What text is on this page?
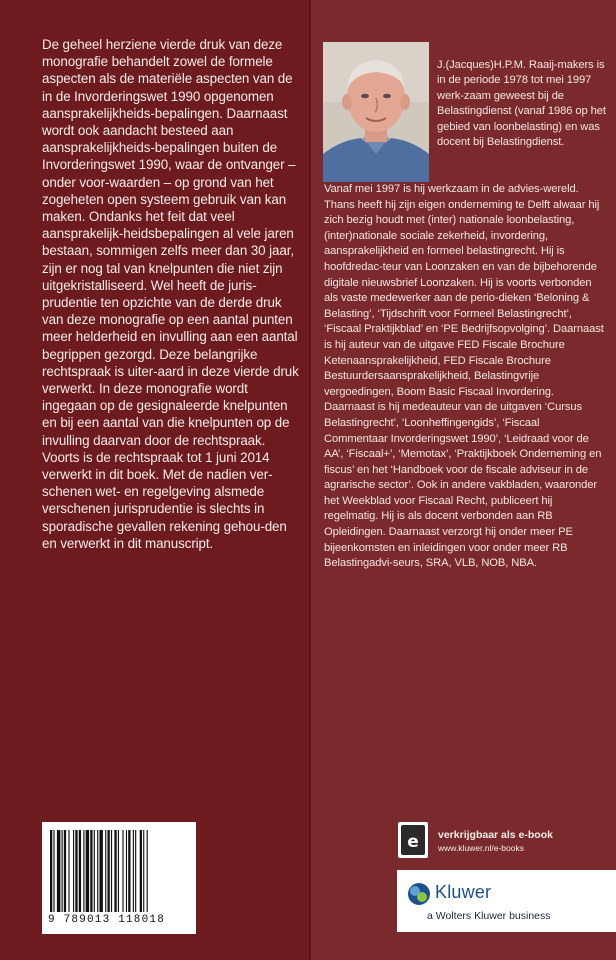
De geheel herziene vierde druk van deze monografie behandelt zowel de formele aspecten als de materiële aspecten van de in de Invorderingswet 1990 opgenomen aansprakelijkheids-bepalingen. Daarnaast wordt ook aandacht besteed aan aansprakelijkheids-bepalingen buiten de Invorderingswet 1990, waar de ontvanger – onder voor-waarden – op grond van het zogeheten open systeem gebruik van kan maken. Ondanks het feit dat veel aansprakelijk-heidsbepalingen al vele jaren bestaan, sommigen zelfs meer dan 30 jaar, zijn er nog tal van knelpunten die niet zijn uitgekristalliseerd. Wel heeft de juris-prudentie ten opzichte van de derde druk van deze monografie op een aantal punten meer helderheid en invulling aan een aantal begrippen gezorgd. Deze belangrijke rechtspraak is uiter-aard in deze vierde druk verwerkt. In deze monografie wordt ingegaan op de gesignaleerde knelpunten en bij een aantal van die knelpunten op de invulling daarvan door de rechtspraak. Voorts is de rechtspraak tot 1 juni 2014 verwerkt in dit boek. Met de nadien ver-schenen wet- en regelgeving alsmede verschenen jurisprudentie is slechts in sporadische gevallen rekening gehou-den en verwerkt in dit manuscript.

J.(Jacques)H.P.M. Raaij-makers is in de periode 1978 tot mei 1997 werk-zaam geweest bij de Belastingdienst (vanaf 1986 op het gebied van loonbelasting) en was docent bij Belastingdienst.

Vanaf mei 1997 is hij werkzaam in de advies-wereld. Thans heeft hij zijn eigen onderneming te Delft alwaar hij zich bezig houdt met (inter) nationale loonbelasting, (inter)nationale sociale zekerheid, invordering, aansprakelijkheid en formeel belastingrecht. Hij is hoofdredac-teur van Loonzaken en van de bijbehorende digitale nieuwsbrief Loonzaken. Hij is voorts verbonden als vaste medewerker aan de perio-dieken ‘Beloning & Belasting’, ‘Tijdschrift voor Formeel Belastingrecht’, ‘Fiscaal Praktijkblad’ en ‘PE Bedrijfsopvolging’. Daarnaast is hij auteur van de uitgave FED Fiscale Brochure Ketenaansprakelijkheid, FED Fiscale Brochure Bestuurdersaansprakelijkheid, Belastingvrije vergoedingen, Boom Basic Fiscaal Invordering. Daarnaast is hij medeauteur van de uitgaven ‘Cursus Belastingrecht’, ‘Loonheffingengids’, ‘Fiscaal Commentaar Invorderingswet 1990’, ‘Leidraad voor de AA’, ‘Fiscaal+’, ‘Memotax’, ‘Praktijkboek Onderneming en fiscus’ en het ‘Handboek voor de fiscale adviseur in de agrarische sector’. Ook in andere vakbladen, waaronder het Weekblad voor Fiscaal Recht, publiceert hij regelmatig. Hij is als docent verbonden aan RB Opleidingen. Daarnaast verzorgt hij onder meer PE bijeenkomsten en inleidingen voor onder meer RB Belastingadvi-seurs, SRA, VLB, NOB, NBA.

9 789013 118018
e verkrijgbaar als e-book
www.kluwer.nl/e-books
Kluwer
a Wolters Kluwer business
